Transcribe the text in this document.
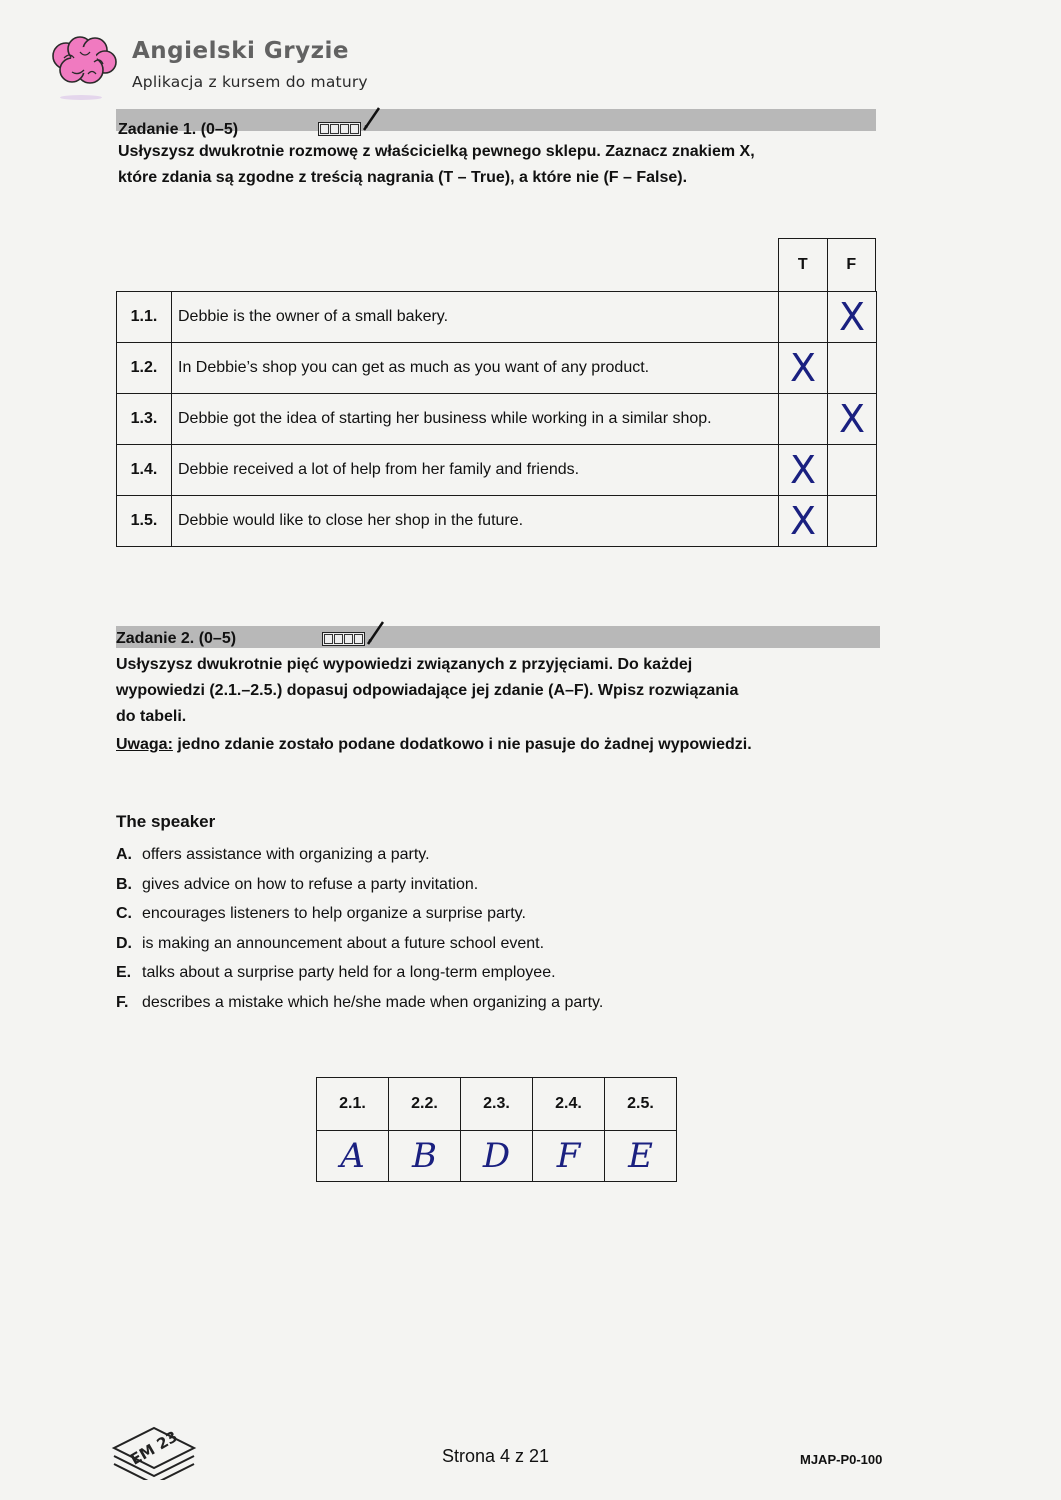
Angielski Gryzie
Aplikacja z kursem do matury
Zadanie 1. (0–5)
Usłyszysz dwukrotnie rozmowę z właścicielką pewnego sklepu. Zaznacz znakiem X,
które zdania są zgodne z treścią nagrania (T – True), a które nie (F – False).
T	F
1.1.	Debbie is the owner of a small bakery.		X
1.2.	In Debbie’s shop you can get as much as you want of any product.	X	
1.3.	Debbie got the idea of starting her business while working in a similar shop.		X
1.4.	Debbie received a lot of help from her family and friends.	X	
1.5.	Debbie would like to close her shop in the future.	X	
Zadanie 2. (0–5)
Usłyszysz dwukrotnie pięć wypowiedzi związanych z przyjęciami. Do każdej
wypowiedzi (2.1.–2.5.) dopasuj odpowiadające jej zdanie (A–F). Wpisz rozwiązania
do tabeli.
Uwaga: jedno zdanie zostało podane dodatkowo i nie pasuje do żadnej wypowiedzi.
The speaker
A. offers assistance with organizing a party.
B. gives advice on how to refuse a party invitation.
C. encourages listeners to help organize a surprise party.
D. is making an announcement about a future school event.
E. talks about a surprise party held for a long-term employee.
F. describes a mistake which he/she made when organizing a party.
2.1.	2.2.	2.3.	2.4.	2.5.
A	B	D	F	E
EM 23	Strona 4 z 21	MJAP-P0-100
